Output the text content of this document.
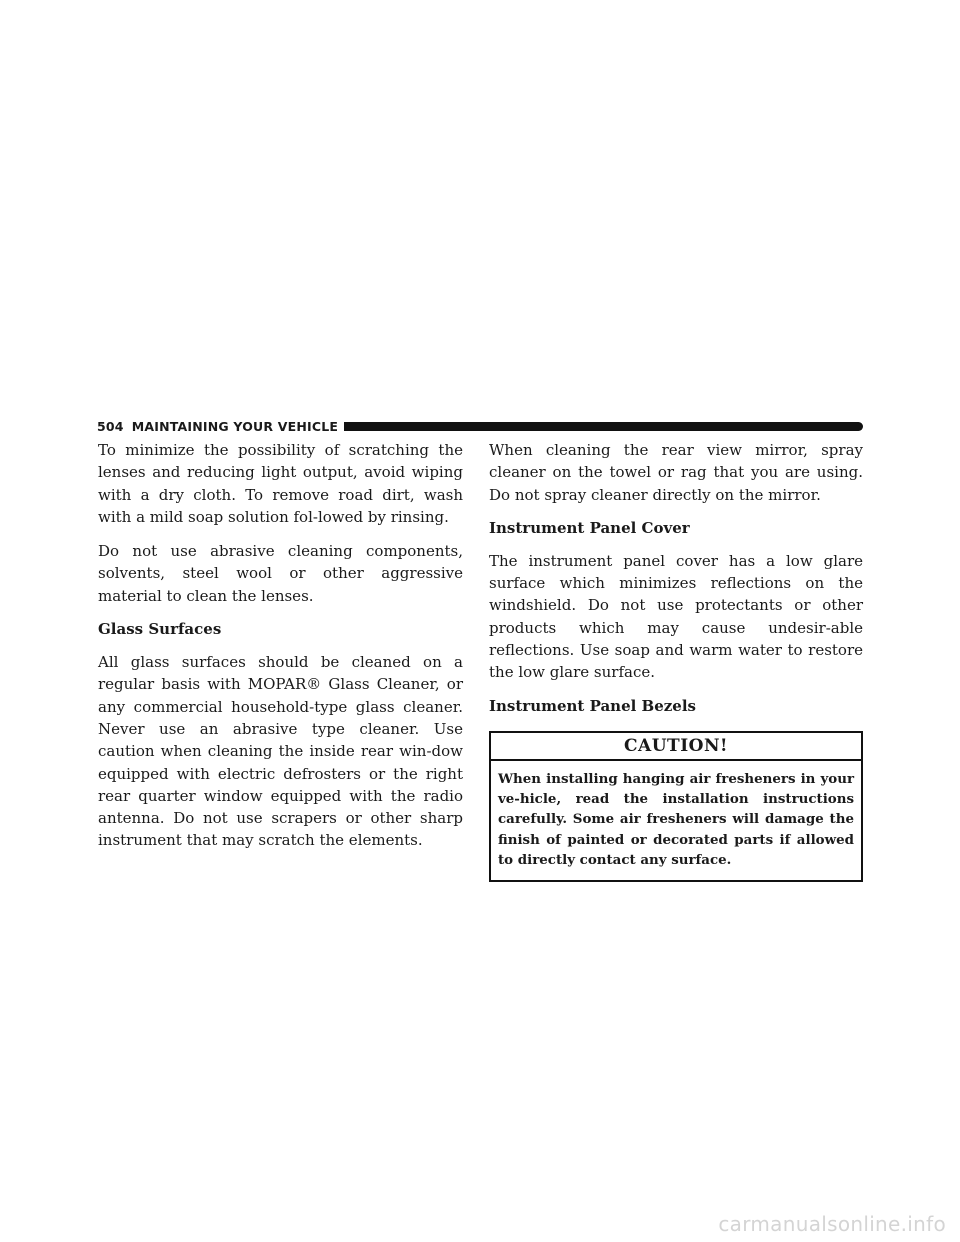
504 MAINTAINING YOUR VEHICLE

To minimize the possibility of scratching the lenses and reducing light output, avoid wiping with a dry cloth. To remove road dirt, wash with a mild soap solution fol-lowed by rinsing.

Do not use abrasive cleaning components, solvents, steel wool or other aggressive material to clean the lenses.

Glass Surfaces

All glass surfaces should be cleaned on a regular basis with MOPAR® Glass Cleaner, or any commercial household-type glass cleaner. Never use an abrasive type cleaner. Use caution when cleaning the inside rear win-dow equipped with electric defrosters or the right rear quarter window equipped with the radio antenna. Do not use scrapers or other sharp instrument that may scratch the elements.

When cleaning the rear view mirror, spray cleaner on the towel or rag that you are using. Do not spray cleaner directly on the mirror.

Instrument Panel Cover

The instrument panel cover has a low glare surface which minimizes reflections on the windshield. Do not use protectants or other products which may cause undesir-able reflections. Use soap and warm water to restore the low glare surface.

Instrument Panel Bezels
CAUTION!
When installing hanging air fresheners in your ve-hicle, read the installation instructions carefully. Some air fresheners will damage the finish of painted or decorated parts if allowed to directly contact any surface.
carmanualsonline.info
